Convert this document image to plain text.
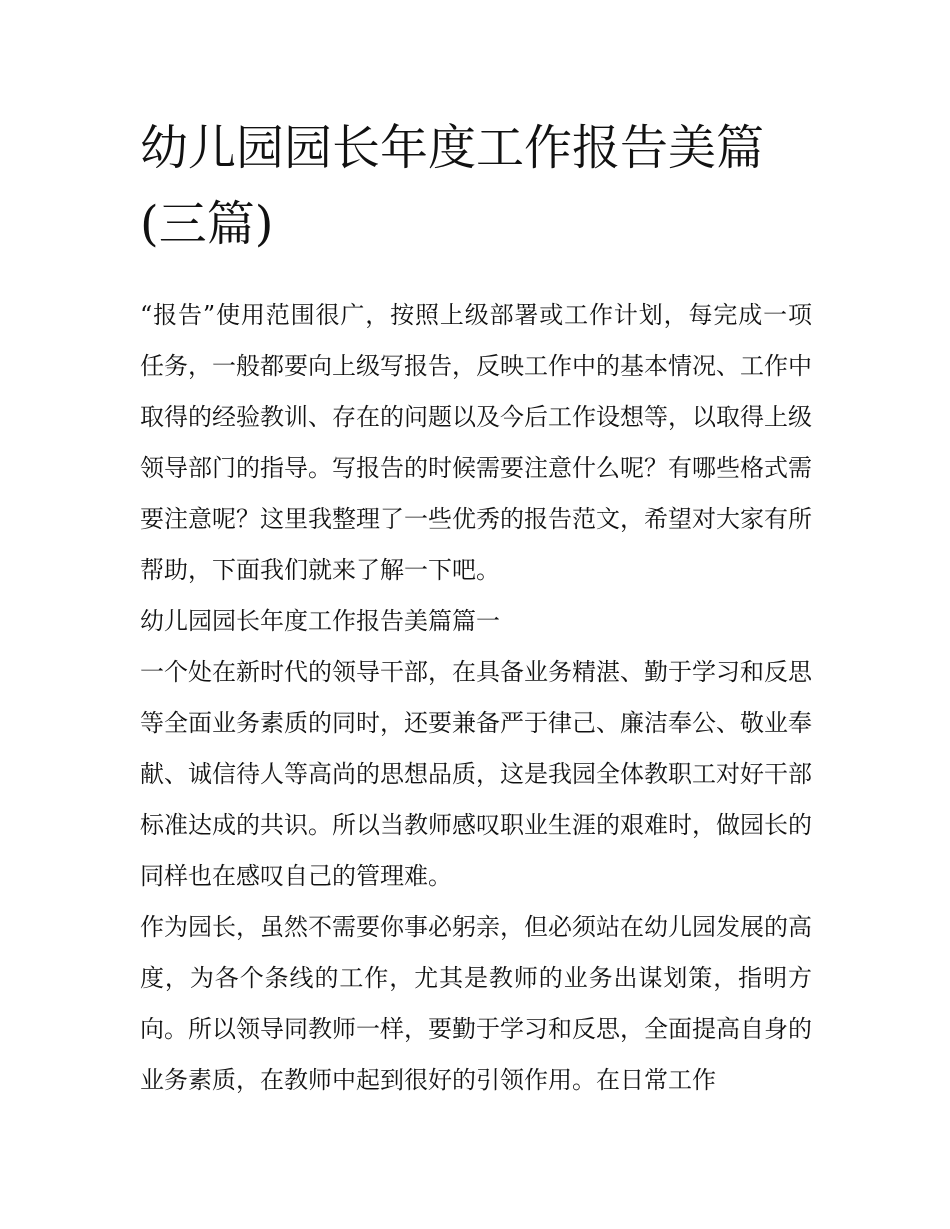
幼儿园园长年度工作报告美篇(三篇)

“报告”使用范围很广，按照上级部署或工作计划，每完成一项任务，一般都要向上级写报告，反映工作中的基本情况、工作中取得的经验教训、存在的问题以及今后工作设想等，以取得上级领导部门的指导。写报告的时候需要注意什么呢？有哪些格式需要注意呢？这里我整理了一些优秀的报告范文，希望对大家有所帮助，下面我们就来了解一下吧。

幼儿园园长年度工作报告美篇篇一

一个处在新时代的领导干部，在具备业务精湛、勤于学习和反思等全面业务素质的同时，还要兼备严于律己、廉洁奉公、敬业奉献、诚信待人等高尚的思想品质，这是我园全体教职工对好干部标准达成的共识。所以当教师感叹职业生涯的艰难时，做园长的同样也在感叹自己的管理难。

作为园长，虽然不需要你事必躬亲，但必须站在幼儿园发展的高度，为各个条线的工作，尤其是教师的业务出谋划策，指明方向。所以领导同教师一样，要勤于学习和反思，全面提高自身的业务素质，在教师中起到很好的引领作用。在日常工作
